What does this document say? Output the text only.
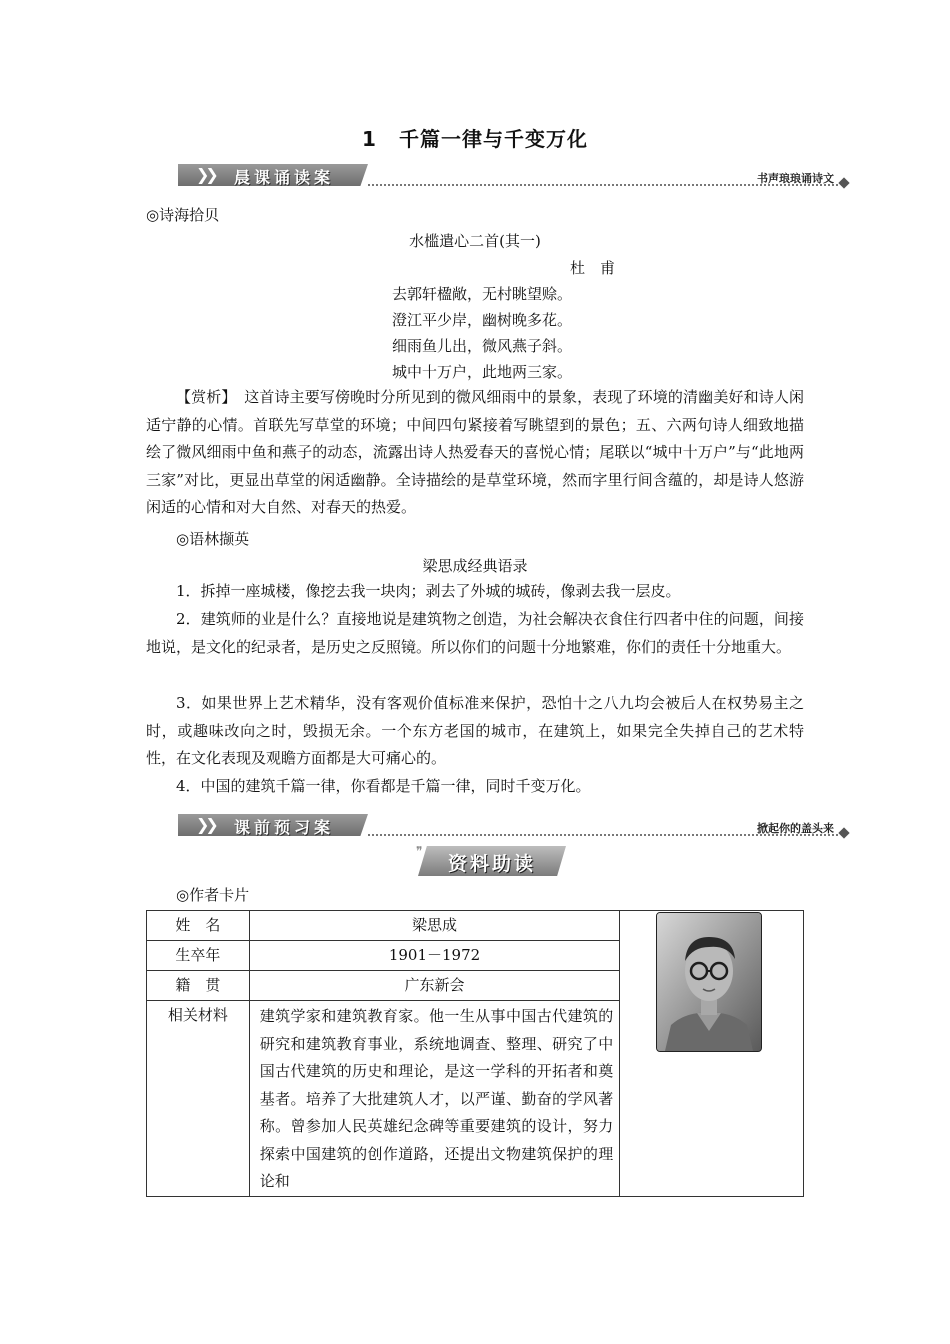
1 千篇一律与千变万化
❯❯ 晨课诵读案	书声琅琅诵诗文
◎诗海拾贝
水槛遣心二首(其一)
杜　甫
去郭轩楹敞，无村眺望赊。
澄江平少岸，幽树晚多花。
细雨鱼儿出，微风燕子斜。
城中十万户，此地两三家。
【赏析】　 这首诗主要写傍晚时分所见到的微风细雨中的景象，表现了环境的清幽美好和诗人闲适宁静的心情。首联先写草堂的环境；中间四句紧接着写眺望到的景色；五、六两句诗人细致地描绘了微风细雨中鱼和燕子的动态，流露出诗人热爱春天的喜悦心情；尾联以“城中十万户”与“此地两三家”对比，更显出草堂的闲适幽静。全诗描绘的是草堂环境，然而字里行间含蕴的，却是诗人悠游闲适的心情和对大自然、对春天的热爱。
◎语林撷英
梁思成经典语录
1．拆掉一座城楼，像挖去我一块肉；剥去了外城的城砖，像剥去我一层皮。
2．建筑师的业是什么？直接地说是建筑物之创造，为社会解决衣食住行四者中住的问题，间接地说，是文化的纪录者，是历史之反照镜。所以你们的问题十分地繁难，你们的责任十分地重大。
3．如果世界上艺术精华，没有客观价值标准来保护，恐怕十之八九均会被后人在权势易主之时，或趣味改向之时，毁损无余。一个东方老国的城市，在建筑上，如果完全失掉自己的艺术特性，在文化表现及观瞻方面都是大可痛心的。
4．中国的建筑千篇一律，你看都是千篇一律，同时千变万化。
❯❯ 课前预习案	掀起你的盖头来
❞
资料助读
◎作者卡片
姓　名	梁思成	
生卒年	1901－1972	
籍　贯	广东新会	
相关材料	建筑学家和建筑教育家。他一生从事中国古代建筑的研究和建筑教育事业，系统地调查、整理、研究了中国古代建筑的历史和理论，是这一学科的开拓者和奠基者。培养了大批建筑人才，以严谨、勤奋的学风著称。曾参加人民英雄纪念碑等重要建筑的设计，努力探索中国建筑的创作道路，还提出文物建筑保护的理论和	
